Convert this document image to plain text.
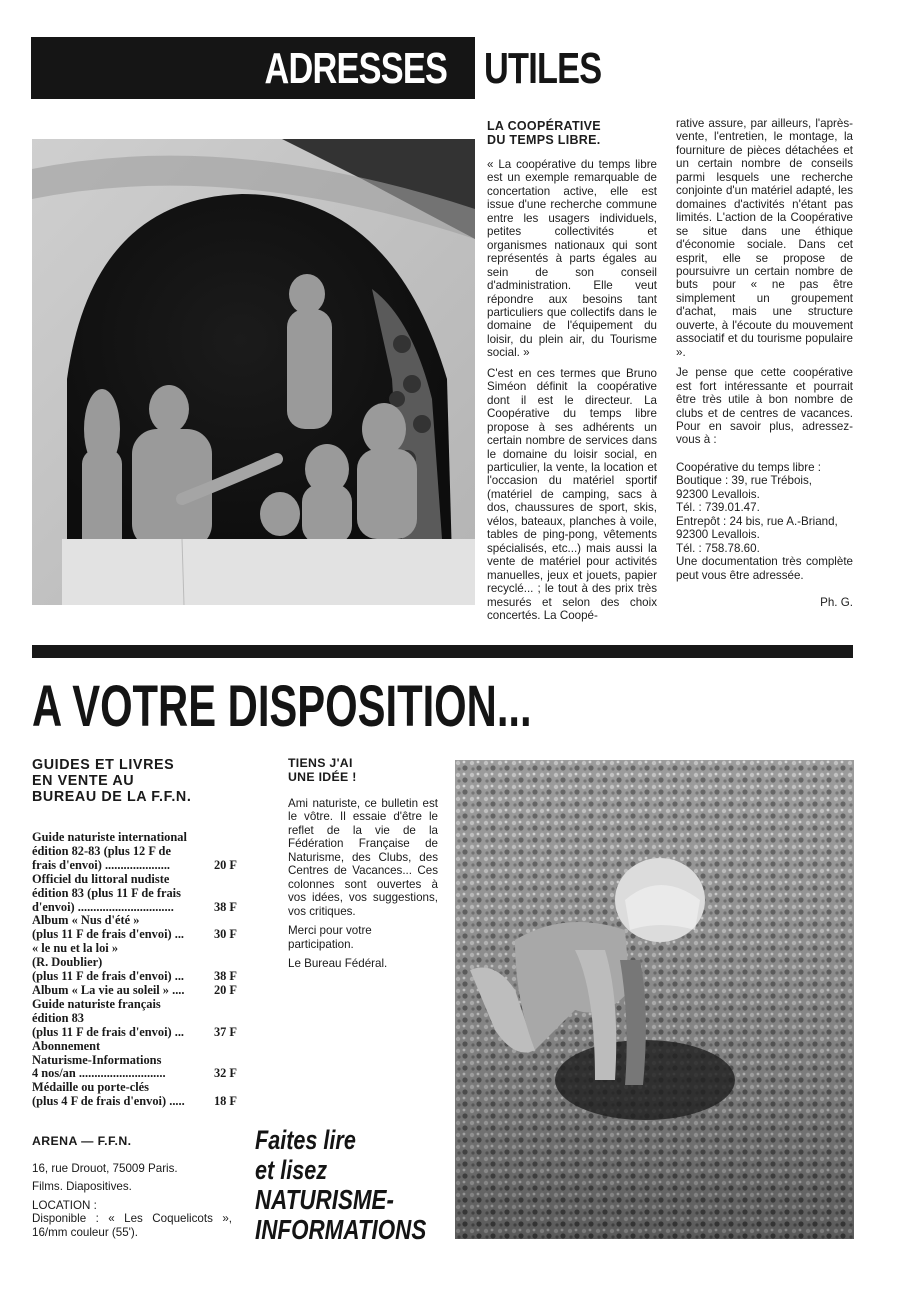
ADRESSES UTILES
LA COOPÉRATIVE
DU TEMPS LIBRE.

« La coopérative du temps libre est un exemple remarquable de concertation active, elle est issue d'une recherche commune entre les usagers individuels, petites collectivités et organismes nationaux qui sont représentés à parts égales au sein de son conseil d'administration. Elle veut répondre aux besoins tant particuliers que collectifs dans le domaine de l'équipement du loisir, du plein air, du Tourisme social. »

C'est en ces termes que Bruno Siméon définit la coopérative dont il est le directeur. La Coopérative du temps libre propose à ses adhérents un certain nombre de services dans le domaine du loisir social, en particulier, la vente, la location et l'occasion du matériel sportif (matériel de camping, sacs à dos, chaussures de sport, skis, vélos, bateaux, planches à voile, tables de ping-pong, vêtements spécialisés, etc...) mais aussi la vente de matériel pour activités manuelles, jeux et jouets, papier recyclé... ; le tout à des prix très mesurés et selon des choix concertés. La Coopé-

rative assure, par ailleurs, l'après-vente, l'entretien, le montage, la fourniture de pièces détachées et un certain nombre de conseils parmi lesquels une recherche conjointe d'un matériel adapté, les domaines d'activités n'étant pas limités. L'action de la Coopérative se situe dans une éthique d'économie sociale. Dans cet esprit, elle se propose de poursuivre un certain nombre de buts pour « ne pas être simplement un groupement d'achat, mais une structure ouverte, à l'écoute du mouvement associatif et du tourisme populaire ».

Je pense que cette coopérative est fort intéressante et pourrait être très utile à bon nombre de clubs et de centres de vacances. Pour en savoir plus, adressez-vous à :

Coopérative du temps libre :
Boutique : 39, rue Trébois,
92300 Levallois.
Tél. : 739.01.47.
Entrepôt : 24 bis, rue A.-Briand,
92300 Levallois.
Tél. : 758.78.60.
Une documentation très complète peut vous être adressée.
Ph. G.
A VOTRE DISPOSITION...
GUIDES ET LIVRES
EN VENTE AU
BUREAU DE LA F.F.N.
Guide naturiste international
édition 82-83 (plus 12 F de
frais d'envoi) .....................	20 F
Officiel du littoral nudiste
édition 83 (plus 11 F de frais
d'envoi) ...............................	38 F
Album « Nus d'été »
(plus 11 F de frais d'envoi) ...	30 F
« le nu et la loi »
(R. Doublier)
(plus 11 F de frais d'envoi) ...	38 F
Album « La vie au soleil » ....	20 F
Guide naturiste français
édition 83
(plus 11 F de frais d'envoi) ...	37 F
Abonnement
Naturisme-Informations
4 nos/an ............................	32 F
Médaille ou porte-clés
(plus 4 F de frais d'envoi) .....	18 F
TIENS J'AI
UNE IDÉE !

Ami naturiste, ce bulletin est le vôtre. Il essaie d'être le reflet de la vie de la Fédération Française de Naturisme, des Clubs, des Centres de Vacances... Ces colonnes sont ouvertes à vos idées, vos suggestions, vos critiques.

Merci pour votre participation.

Le Bureau Fédéral.

ARENA — F.F.N.

16, rue Drouot, 75009 Paris.

Films. Diapositives.

LOCATION :

Disponible : « Les Coquelicots », 16/mm couleur (55').

Faites lire
et lisez
NATURISME-
INFORMATIONS
